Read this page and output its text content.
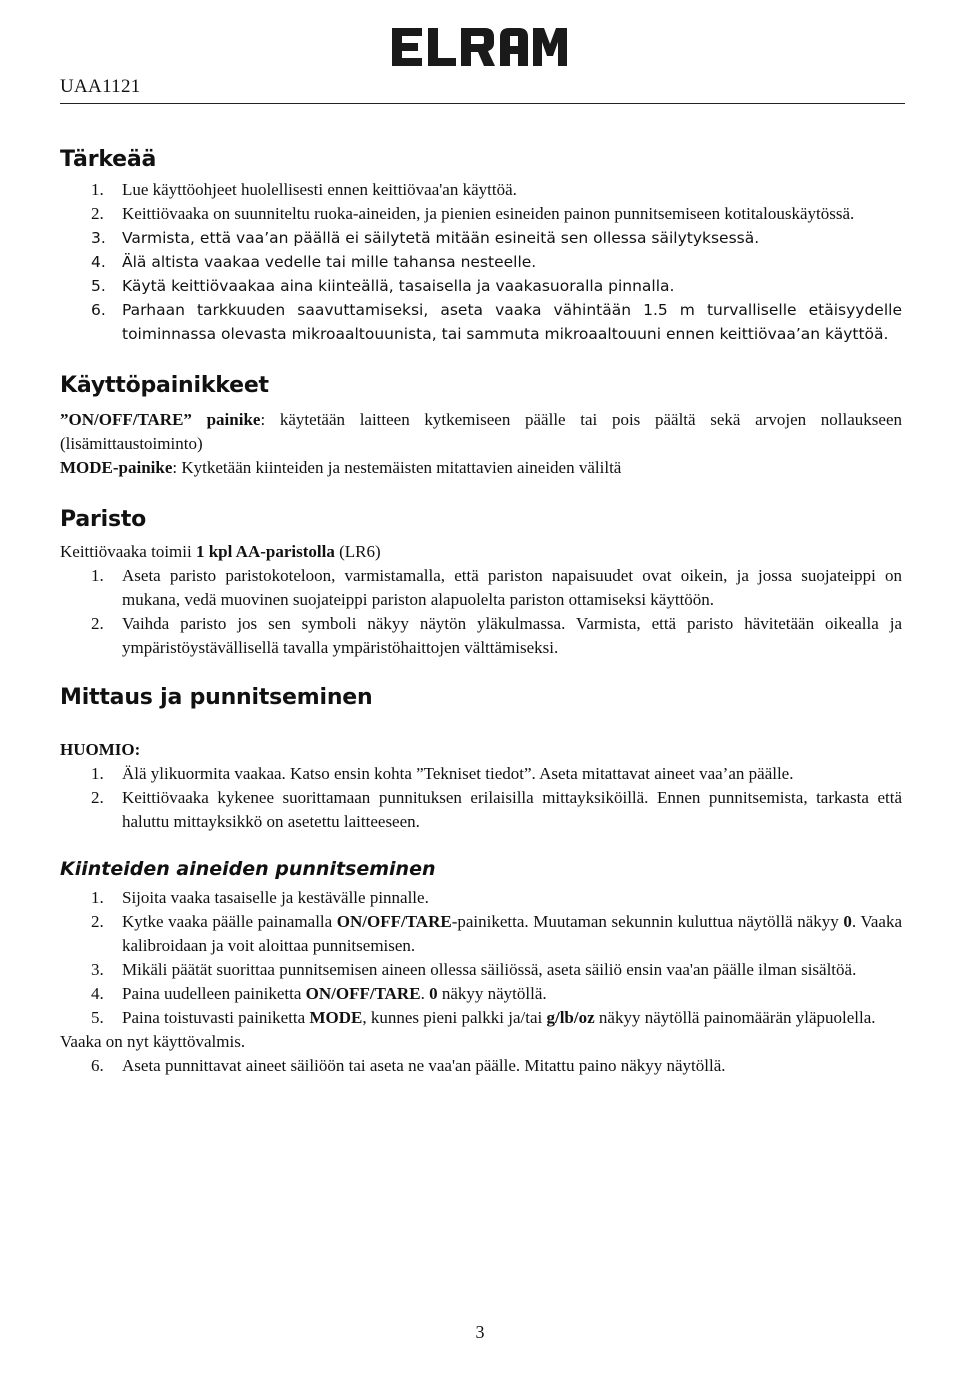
UAA1121
Tärkeää
1. Lue käyttöohjeet huolellisesti ennen keittiövaa'an käyttöä.
2. Keittiövaaka on suunniteltu ruoka-aineiden, ja pienien esineiden painon punnitsemiseen kotitalouskäytössä.
3. Varmista, että vaa’an päällä ei säilytetä mitään esineitä sen ollessa säilytyksessä.
4. Älä altista vaakaa vedelle tai mille tahansa nesteelle.
5. Käytä keittiövaakaa aina kiinteällä, tasaisella ja vaakasuoralla pinnalla.
6. Parhaan tarkkuuden saavuttamiseksi, aseta vaaka vähintään 1.5 m turvalliselle etäisyydelle toiminnassa olevasta mikroaaltouunista, tai sammuta mikroaaltouuni ennen keittiövaa’an käyttöä.
Käyttöpainikkeet

”ON/OFF/TARE” painike: käytetään laitteen kytkemiseen päälle tai pois päältä sekä arvojen nollaukseen (lisämittaustoiminto)

MODE-painike: Kytketään kiinteiden ja nestemäisten mitattavien aineiden väliltä

Paristo

Keittiövaaka toimii 1 kpl AA-paristolla (LR6)

1. Aseta paristo paristokoteloon, varmistamalla, että pariston napaisuudet ovat oikein, ja jossa suojateippi on mukana, vedä muovinen suojateippi pariston alapuolelta pariston ottamiseksi käyttöön.
2. Vaihda paristo jos sen symboli näkyy näytön yläkulmassa. Varmista, että paristo hävitetään oikealla ja ympäristöystävällisellä tavalla ympäristöhaittojen välttämiseksi.
Mittaus ja punnitseminen

HUOMIO:

1. Älä ylikuormita vaakaa. Katso ensin kohta ”Tekniset tiedot”. Aseta mitattavat aineet vaa’an päälle.
2. Keittiövaaka kykenee suorittamaan punnituksen erilaisilla mittayksiköillä. Ennen punnitsemista, tarkasta että haluttu mittayksikkö on asetettu laitteeseen.
Kiinteiden aineiden punnitseminen
1. Sijoita vaaka tasaiselle ja kestävälle pinnalle.
2. Kytke vaaka päälle painamalla ON/OFF/TARE-painiketta. Muutaman sekunnin kuluttua näytöllä näkyy 0. Vaaka kalibroidaan ja voit aloittaa punnitsemisen.
3. Mikäli päätät suorittaa punnitsemisen aineen ollessa säiliössä, aseta säiliö ensin vaa'an päälle ilman sisältöä.
4. Paina uudelleen painiketta ON/OFF/TARE. 0 näkyy näytöllä.
5. Paina toistuvasti painiketta MODE, kunnes pieni palkki ja/tai g/lb/oz näkyy näytöllä painomäärän yläpuolella.

Vaaka on nyt käyttövalmis.

6. Aseta punnittavat aineet säiliöön tai aseta ne vaa'an päälle. Mitattu paino näkyy näytöllä.
3
